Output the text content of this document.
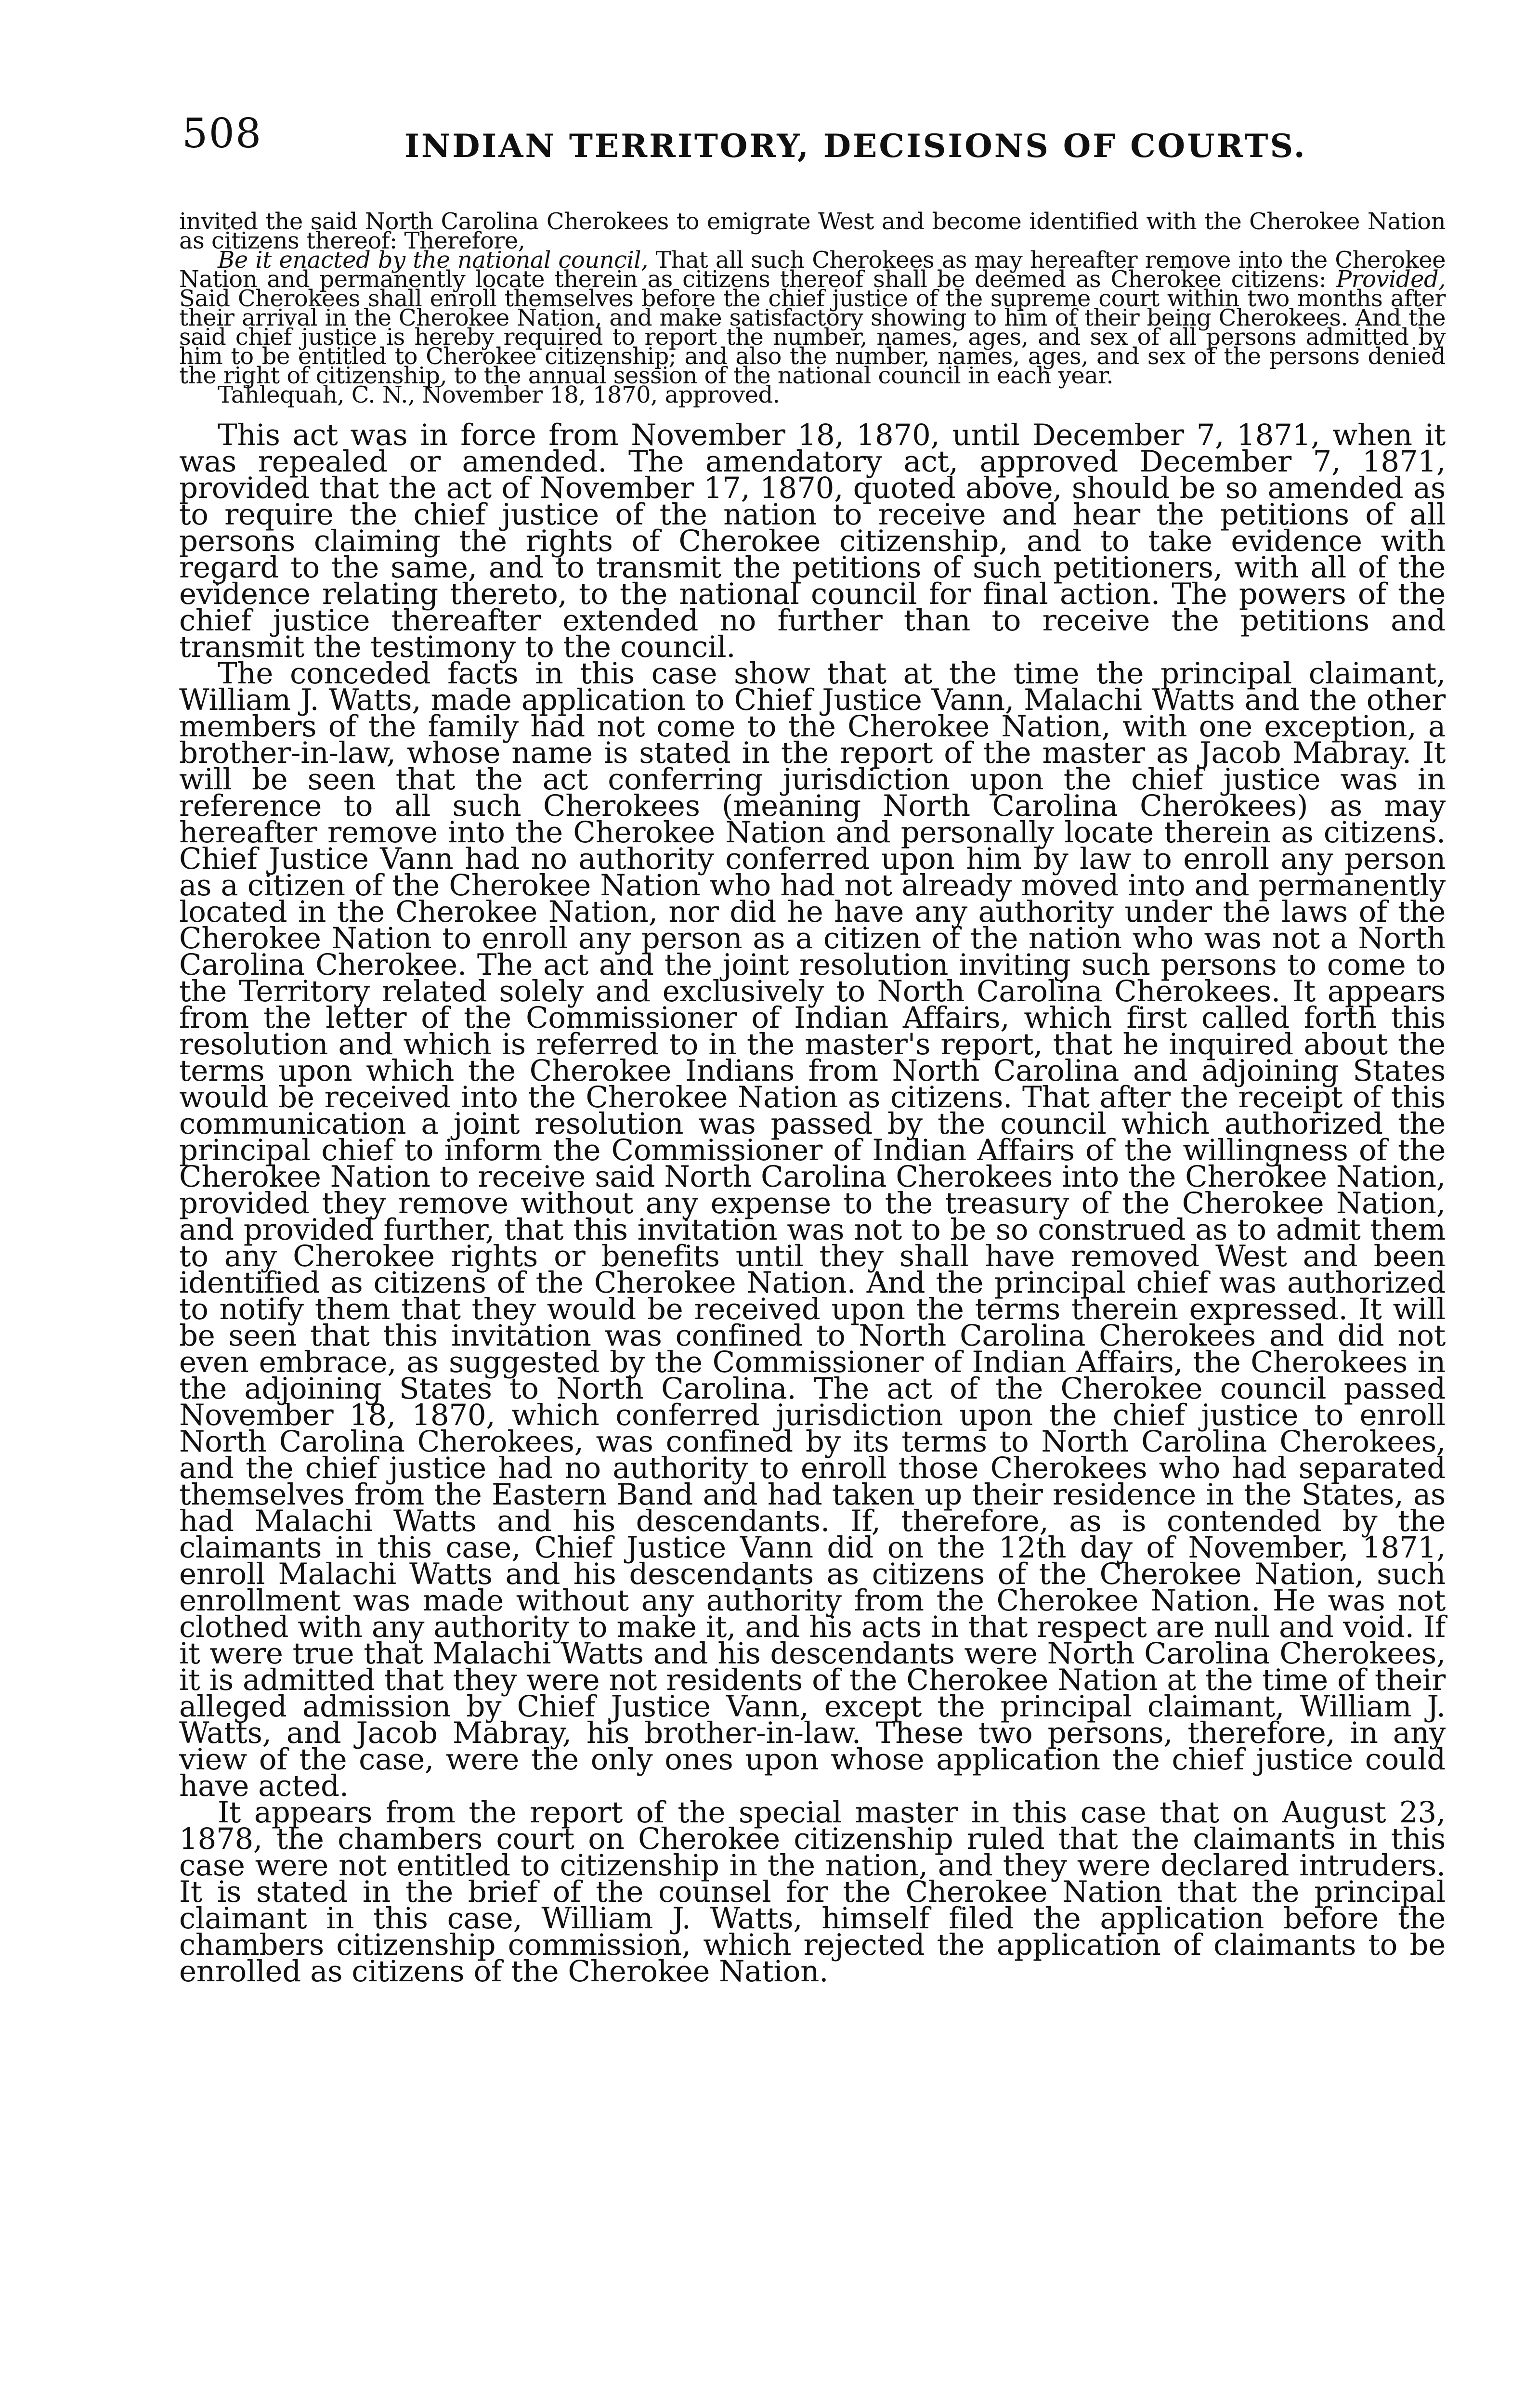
508	INDIAN TERRITORY, DECISIONS OF COURTS.

invited the said North Carolina Cherokees to emigrate West and become identified with the Cherokee Nation as citizens thereof: Therefore,

Be it enacted by the national council, That all such Cherokees as may hereafter remove into the Cherokee Nation and permanently locate therein as citizens thereof shall be deemed as Cherokee citizens: Provided, Said Cherokees shall enroll themselves before the chief justice of the supreme court within two months after their arrival in the Cherokee Nation, and make satisfactory showing to him of their being Cherokees. And the said chief justice is hereby required to report the number, names, ages, and sex of all persons admitted by him to be entitled to Cherokee citizenship; and also the number, names, ages, and sex of the persons denied the right of citizenship, to the annual session of the national council in each year.

Tahlequah, C. N., November 18, 1870, approved.

This act was in force from November 18, 1870, until December 7, 1871, when it was repealed or amended. The amendatory act, approved December 7, 1871, provided that the act of November 17, 1870, quoted above, should be so amended as to require the chief justice of the nation to receive and hear the petitions of all persons claiming the rights of Cherokee citizenship, and to take evidence with regard to the same, and to transmit the petitions of such petitioners, with all of the evidence relating thereto, to the national council for final action. The powers of the chief justice thereafter extended no further than to receive the petitions and transmit the testimony to the council.

The conceded facts in this case show that at the time the principal claimant, William J. Watts, made application to Chief Justice Vann, Malachi Watts and the other members of the family had not come to the Cherokee Nation, with one exception, a brother-in-law, whose name is stated in the report of the master as Jacob Mabray. It will be seen that the act conferring jurisdiction upon the chief justice was in reference to all such Cherokees (meaning North Carolina Cherokees) as may hereafter remove into the Cherokee Nation and personally locate therein as citizens. Chief Justice Vann had no authority conferred upon him by law to enroll any person as a citizen of the Cherokee Nation who had not already moved into and permanently located in the Cherokee Nation, nor did he have any authority under the laws of the Cherokee Nation to enroll any person as a citizen of the nation who was not a North Carolina Cherokee. The act and the joint resolution inviting such persons to come to the Territory related solely and exclusively to North Carolina Cherokees. It appears from the letter of the Commissioner of Indian Affairs, which first called forth this resolution and which is referred to in the master's report, that he inquired about the terms upon which the Cherokee Indians from North Carolina and adjoining States would be received into the Cherokee Nation as citizens. That after the receipt of this communication a joint resolution was passed by the council which authorized the principal chief to inform the Commissioner of Indian Affairs of the willingness of the Cherokee Nation to receive said North Carolina Cherokees into the Cherokee Nation, provided they remove without any expense to the treasury of the Cherokee Nation, and provided further, that this invitation was not to be so construed as to admit them to any Cherokee rights or benefits until they shall have removed West and been identified as citizens of the Cherokee Nation. And the principal chief was authorized to notify them that they would be received upon the terms therein expressed. It will be seen that this invitation was confined to North Carolina Cherokees and did not even embrace, as suggested by the Commissioner of Indian Affairs, the Cherokees in the adjoining States to North Carolina. The act of the Cherokee council passed November 18, 1870, which conferred jurisdiction upon the chief justice to enroll North Carolina Cherokees, was confined by its terms to North Carolina Cherokees, and the chief justice had no authority to enroll those Cherokees who had separated themselves from the Eastern Band and had taken up their residence in the States, as had Malachi Watts and his descendants. If, therefore, as is contended by the claimants in this case, Chief Justice Vann did on the 12th day of November, 1871, enroll Malachi Watts and his descendants as citizens of the Cherokee Nation, such enrollment was made without any authority from the Cherokee Nation. He was not clothed with any authority to make it, and his acts in that respect are null and void. If it were true that Malachi Watts and his descendants were North Carolina Cherokees, it is admitted that they were not residents of the Cherokee Nation at the time of their alleged admission by Chief Justice Vann, except the principal claimant, William J. Watts, and Jacob Mabray, his brother-in-law. These two persons, therefore, in any view of the case, were the only ones upon whose application the chief justice could have acted.

It appears from the report of the special master in this case that on August 23, 1878, the chambers court on Cherokee citizenship ruled that the claimants in this case were not entitled to citizenship in the nation, and they were declared intruders. It is stated in the brief of the counsel for the Cherokee Nation that the principal claimant in this case, William J. Watts, himself filed the application before the chambers citizenship commission, which rejected the application of claimants to be enrolled as citizens of the Cherokee Nation.
